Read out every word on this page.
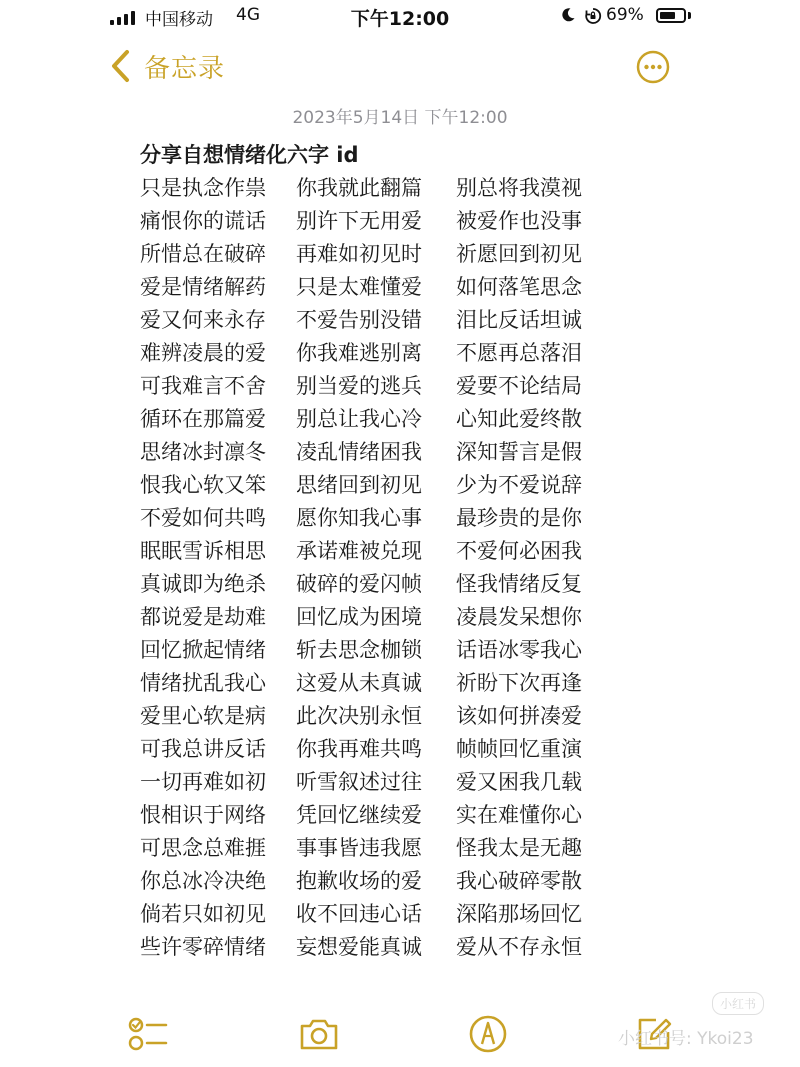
中国移动 4G	下午12:00	69%
备忘录
2023年5月14日 下午12:00
分享自想情绪化六字 id
只是执念作祟	你我就此翻篇	别总将我漠视
痛恨你的谎话	别许下无用爱	被爱作也没事
所惜总在破碎	再难如初见时	祈愿回到初见
爱是情绪解药	只是太难懂爱	如何落笔思念
爱又何来永存	不爱告别没错	泪比反话坦诚
难辨凌晨的爱	你我难逃别离	不愿再总落泪
可我难言不舍	别当爱的逃兵	爱要不论结局
循环在那篇爱	别总让我心冷	心知此爱终散
思绪冰封凛冬	凌乱情绪困我	深知誓言是假
恨我心软又笨	思绪回到初见	少为不爱说辞
不爱如何共鸣	愿你知我心事	最珍贵的是你
眠眠雪诉相思	承诺难被兑现	不爱何必困我
真诚即为绝杀	破碎的爱闪帧	怪我情绪反复
都说爱是劫难	回忆成为困境	凌晨发呆想你
回忆掀起情绪	斩去思念枷锁	话语冰零我心
情绪扰乱我心	这爱从未真诚	祈盼下次再逢
爱里心软是病	此次决别永恒	该如何拼凑爱
可我总讲反话	你我再难共鸣	帧帧回忆重演
一切再难如初	听雪叙述过往	爱又困我几载
恨相识于网络	凭回忆继续爱	实在难懂你心
可思念总难捱	事事皆违我愿	怪我太是无趣
你总冰冷决绝	抱歉收场的爱	我心破碎零散
倘若只如初见	收不回违心话	深陷那场回忆
些许零碎情绪	妄想爱能真诚	爱从不存永恒
小红书
小红书号: Ykoi23
